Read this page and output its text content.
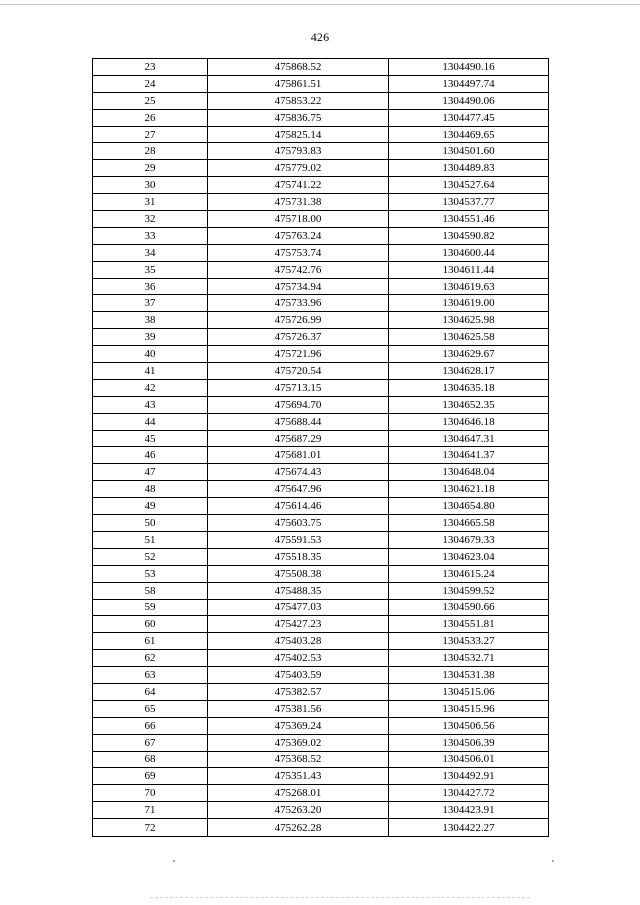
426
23	475868.52	1304490.16
24	475861.51	1304497.74
25	475853.22	1304490.06
26	475836.75	1304477.45
27	475825.14	1304469.65
28	475793.83	1304501.60
29	475779.02	1304489.83
30	475741.22	1304527.64
31	475731.38	1304537.77
32	475718.00	1304551.46
33	475763.24	1304590.82
34	475753.74	1304600.44
35	475742.76	1304611.44
36	475734.94	1304619.63
37	475733.96	1304619.00
38	475726.99	1304625.98
39	475726.37	1304625.58
40	475721.96	1304629.67
41	475720.54	1304628.17
42	475713.15	1304635.18
43	475694.70	1304652.35
44	475688.44	1304646.18
45	475687.29	1304647.31
46	475681.01	1304641.37
47	475674.43	1304648.04
48	475647.96	1304621.18
49	475614.46	1304654.80
50	475603.75	1304665.58
51	475591.53	1304679.33
52	475518.35	1304623.04
53	475508.38	1304615.24
58	475488.35	1304599.52
59	475477.03	1304590.66
60	475427.23	1304551.81
61	475403.28	1304533.27
62	475402.53	1304532.71
63	475403.59	1304531.38
64	475382.57	1304515.06
65	475381.56	1304515.96
66	475369.24	1304506.56
67	475369.02	1304506.39
68	475368.52	1304506.01
69	475351.43	1304492.91
70	475268.01	1304427.72
71	475263.20	1304423.91
72	475262.28	1304422.27
